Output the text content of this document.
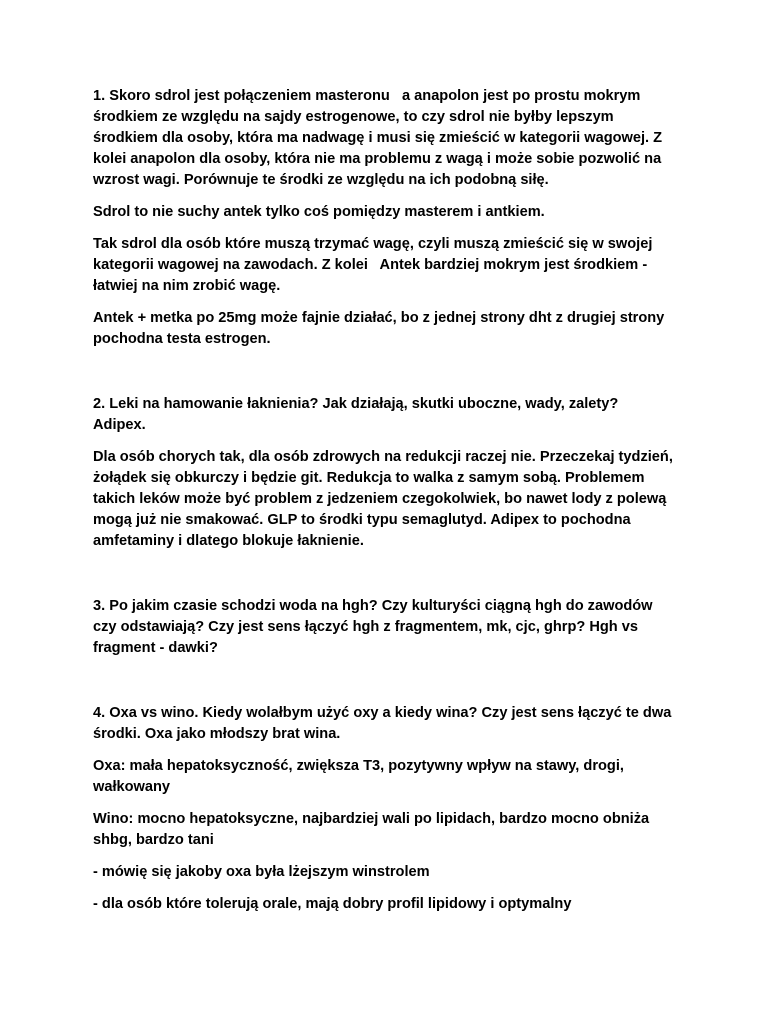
1. Skoro sdrol jest połączeniem masteronu   a anapolon jest po prostu mokrym środkiem ze względu na sajdy estrogenowe, to czy sdrol nie byłby lepszym środkiem dla osoby, która ma nadwagę i musi się zmieścić w kategorii wagowej. Z kolei anapolon dla osoby, która nie ma problemu z wagą i może sobie pozwolić na wzrost wagi. Porównuje te środki ze względu na ich podobną siłę.

Sdrol to nie suchy antek tylko coś pomiędzy masterem i antkiem.

Tak sdrol dla osób które muszą trzymać wagę, czyli muszą zmieścić się w swojej kategorii wagowej na zawodach. Z kolei   Antek bardziej mokrym jest środkiem - łatwiej na nim zrobić wagę.

Antek + metka po 25mg może fajnie działać, bo z jednej strony dht z drugiej strony pochodna testa estrogen.

2. Leki na hamowanie łaknienia? Jak działają, skutki uboczne, wady, zalety? Adipex.

Dla osób chorych tak, dla osób zdrowych na redukcji raczej nie. Przeczekaj tydzień, żołądek się obkurczy i będzie git. Redukcja to walka z samym sobą. Problemem takich leków może być problem z jedzeniem czegokolwiek, bo nawet lody z polewą mogą już nie smakować. GLP to środki typu semaglutyd. Adipex to pochodna amfetaminy i dlatego blokuje łaknienie.

3. Po jakim czasie schodzi woda na hgh? Czy kulturyści ciągną hgh do zawodów czy odstawiają? Czy jest sens łączyć hgh z fragmentem, mk, cjc, ghrp? Hgh vs fragment - dawki?

4. Oxa vs wino. Kiedy wolałbym użyć oxy a kiedy wina? Czy jest sens łączyć te dwa środki. Oxa jako młodszy brat wina.

Oxa: mała hepatoksyczność, zwiększa T3, pozytywny wpływ na stawy, drogi, wałkowany

Wino: mocno hepatoksyczne, najbardziej wali po lipidach, bardzo mocno obniża shbg, bardzo tani

- mówię się jakoby oxa była lżejszym winstrolem

- dla osób które tolerują orale, mają dobry profil lipidowy i optymalny
